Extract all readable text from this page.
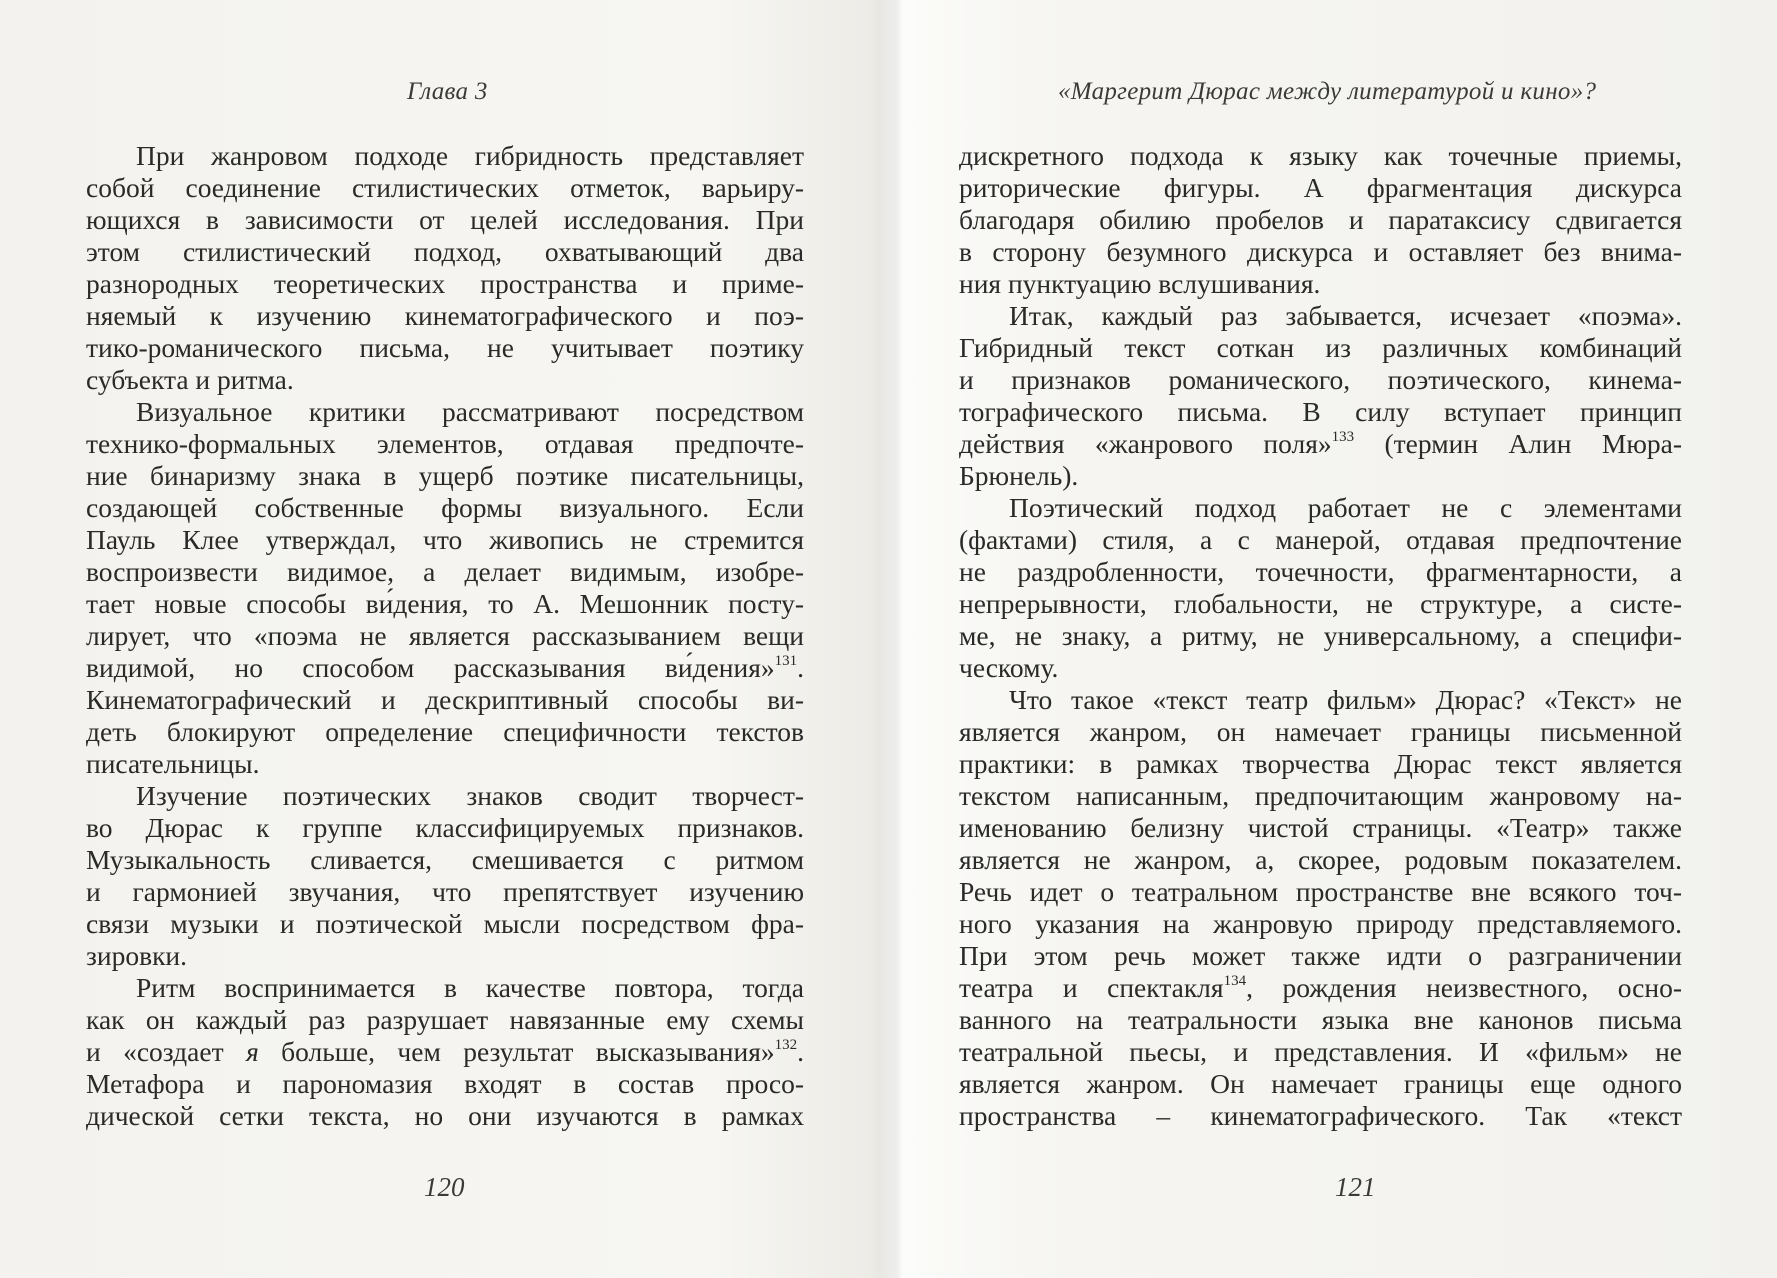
Глава 3
При жанровом подходе гибридность представляет
собой соединение стилистических отметок, варьиру-
ющихся в зависимости от целей исследования. При
этом стилистический подход, охватывающий два
разнородных теоретических пространства и приме-
няемый к изучению кинематографического и поэ-
тико-романического письма, не учитывает поэтику
субъекта и ритма.
Визуальное критики рассматривают посредством
технико-формальных элементов, отдавая предпочте-
ние бинаризму знака в ущерб поэтике писательницы,
создающей собственные формы визуального. Если
Пауль Клее утверждал, что живопись не стремится
воспроизвести видимое, а делает видимым, изобре-
тает новые способы ви́дения, то А. Мешонник посту-
лирует, что «поэма не является рассказыванием вещи
видимой, но способом рассказывания ви́дения»$^{131}$.
Кинематографический и дескриптивный способы ви-
деть блокируют определение специфичности текстов
писательницы.
Изучение поэтических знаков сводит творчест-
во Дюрас к группе классифицируемых признаков.
Музыкальность сливается, смешивается с ритмом
и гармонией звучания, что препятствует изучению
связи музыки и поэтической мысли посредством фра-
зировки.
Ритм воспринимается в качестве повтора, тогда
как он каждый раз разрушает навязанные ему схемы
и «создает я больше, чем результат высказывания»$^{132}$.
Метафора и парономазия входят в состав просо-
дической сетки текста, но они изучаются в рамках
120
«Маргерит Дюрас между литературой и кино»?
дискретного подхода к языку как точечные приемы,
риторические фигуры. А фрагментация дискурса
благодаря обилию пробелов и паратаксису сдвигается
в сторону безумного дискурса и оставляет без внима-
ния пунктуацию вслушивания.
Итак, каждый раз забывается, исчезает «поэма».
Гибридный текст соткан из различных комбинаций
и признаков романического, поэтического, кинема-
тографического письма. В силу вступает принцип
действия «жанрового поля»$^{133}$ (термин Алин Мюра-
Брюнель).
Поэтический подход работает не с элементами
(фактами) стиля, а с манерой, отдавая предпочтение
не раздробленности, точечности, фрагментарности, а
непрерывности, глобальности, не структуре, а систе-
ме, не знаку, а ритму, не универсальному, а специфи-
ческому.
Что такое «текст театр фильм» Дюрас? «Текст» не
является жанром, он намечает границы письменной
практики: в рамках творчества Дюрас текст является
текстом написанным, предпочитающим жанровому на-
именованию белизну чистой страницы. «Театр» также
является не жанром, а, скорее, родовым показателем.
Речь идет о театральном пространстве вне всякого точ-
ного указания на жанровую природу представляемого.
При этом речь может также идти о разграничении
театра и спектакля$^{134}$, рождения неизвестного, осно-
ванного на театральности языка вне канонов письма
театральной пьесы, и представления. И «фильм» не
является жанром. Он намечает границы еще одного
пространства – кинематографического. Так «текст
121
